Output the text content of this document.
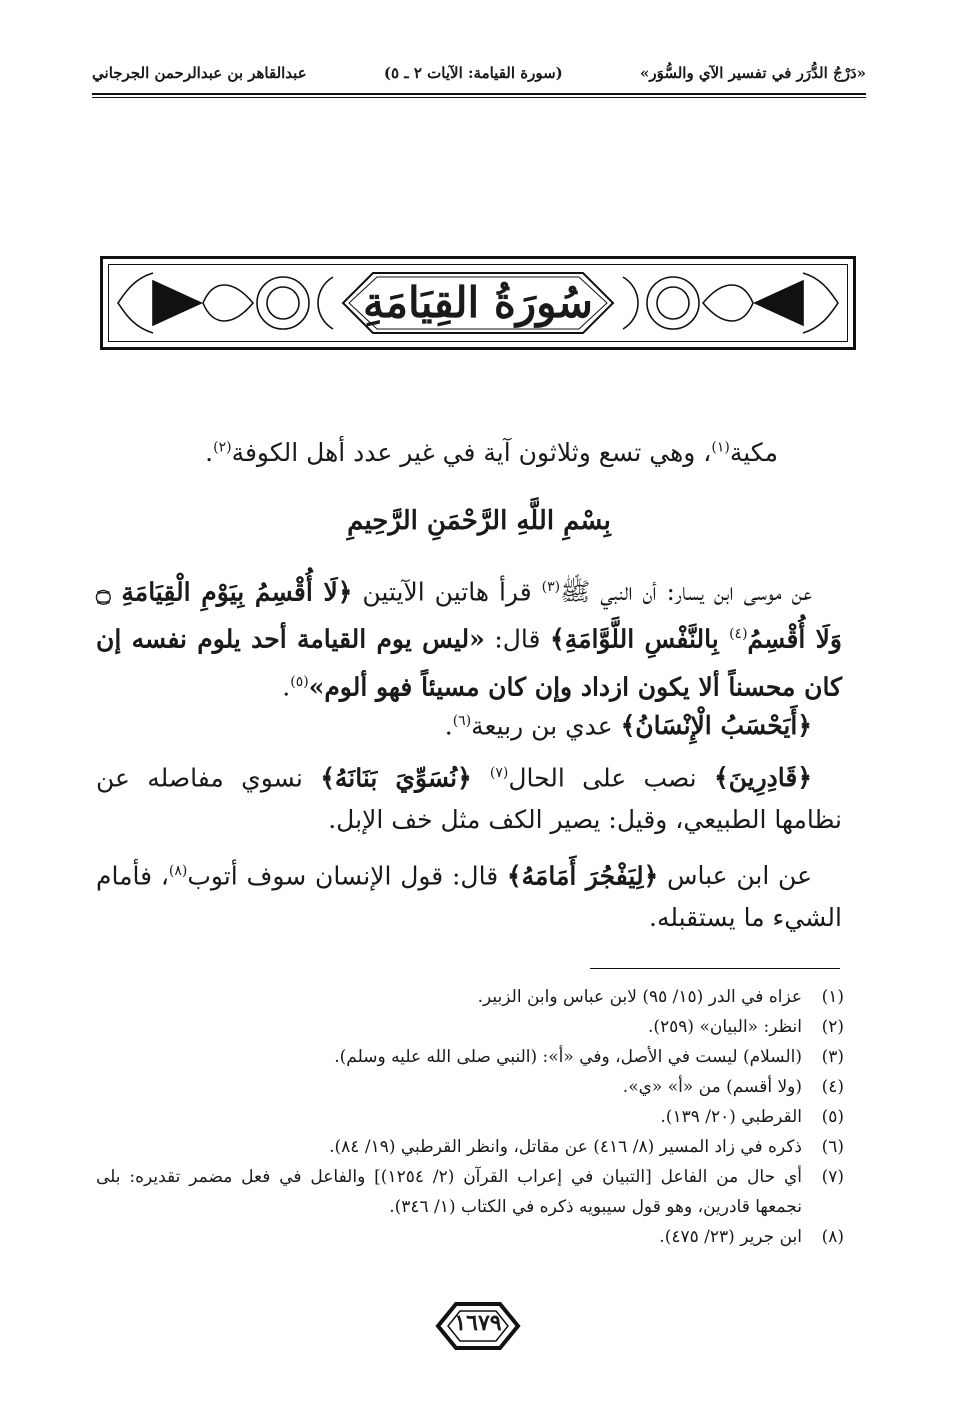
«دَرْجُ الدُّرَر في تفسير الآي والسُّوَر»
(سورة القيامة: الآيات ٢ ـ ٥)
عبدالقاهر بن عبدالرحمن الجرجاني
سُورَةُ القِيَامَةِ
مكية$^{(١)}$، وهي تسع وثلاثون آية في غير عدد أهل الكوفة$^{(٢)}$.
بِسْمِ اللَّهِ الرَّحْمَنِ الرَّحِيمِ
عن موسى ابن يسار: أن النبي ﷺ$^{(٣)}$ قرأ هاتين الآيتين ﴿لَا أُقْسِمُ بِيَوْمِ الْقِيَامَةِ ۝ وَلَا أُقْسِمُ$^{(٤)}$ بِالنَّفْسِ اللَّوَّامَةِ﴾ قال: «ليس يوم القيامة أحد يلوم نفسه إن كان محسناً ألا يكون ازداد وإن كان مسيئاً فهو ألوم»$^{(٥)}$.
﴿أَيَحْسَبُ الْإِنْسَانُ﴾ عدي بن ربيعة$^{(٦)}$.
﴿قَادِرِينَ﴾ نصب على الحال$^{(٧)}$ ﴿نُسَوِّيَ بَنَانَهُ﴾ نسوي مفاصله عن نظامها الطبيعي، وقيل: يصير الكف مثل خف الإبل.
عن ابن عباس ﴿لِيَفْجُرَ أَمَامَهُ﴾ قال: قول الإنسان سوف أتوب$^{(٨)}$، فأمام الشيء ما يستقبله.
(١)
عزاه في الدر (١٥/ ٩٥) لابن عباس وابن الزبير.
(٢)
انظر: «البيان» (٢٥٩).
(٣)
(السلام) ليست في الأصل، وفي «أ»: (النبي صلى الله عليه وسلم).
(٤)
(ولا أقسم) من «أ» «ي».
(٥)
القرطبي (٢٠/ ١٣٩).
(٦)
ذكره في زاد المسير (٨/ ٤١٦) عن مقاتل، وانظر القرطبي (١٩/ ٨٤).
(٧)
أي حال من الفاعل [التبيان في إعراب القرآن (٢/ ١٢٥٤)] والفاعل في فعل مضمر تقديره: بلى نجمعها قادرين، وهو قول سيبويه ذكره في الكتاب (١/ ٣٤٦).
(٨)
ابن جرير (٢٣/ ٤٧٥).
١٦٧٩
